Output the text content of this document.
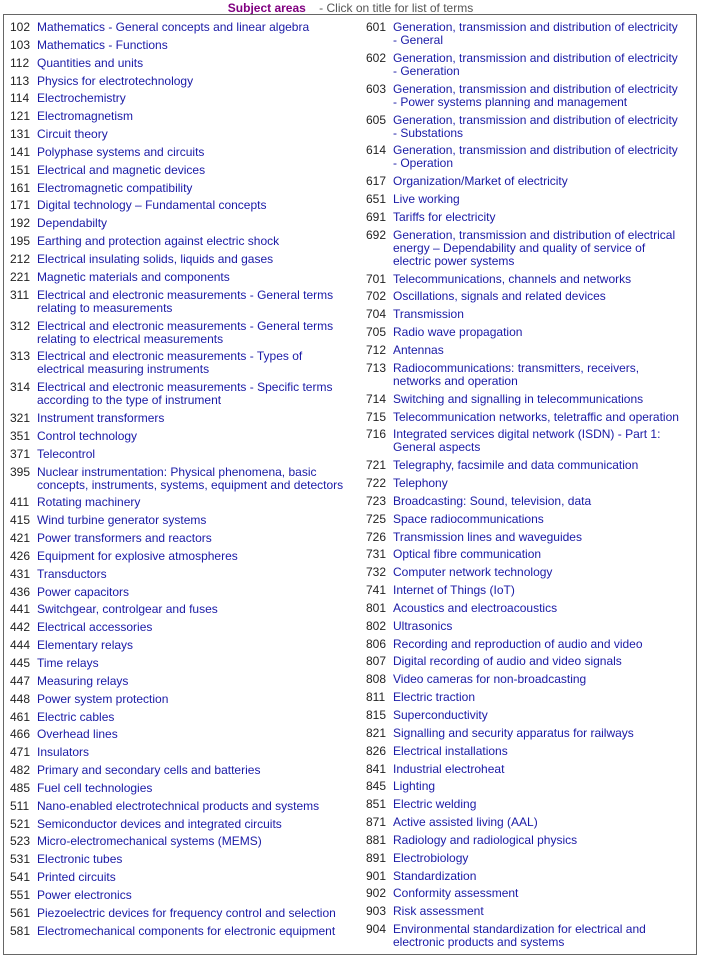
Subject areas - Click on title for list of terms
102 Mathematics - General concepts and linear algebra
103 Mathematics - Functions
112 Quantities and units
113 Physics for electrotechnology
114 Electrochemistry
121 Electromagnetism
131 Circuit theory
141 Polyphase systems and circuits
151 Electrical and magnetic devices
161 Electromagnetic compatibility
171 Digital technology – Fundamental concepts
192 Dependabilty
195 Earthing and protection against electric shock
212 Electrical insulating solids, liquids and gases
221 Magnetic materials and components
311 Electrical and electronic measurements - General terms relating to measurements
312 Electrical and electronic measurements - General terms relating to electrical measurements
313 Electrical and electronic measurements - Types of electrical measuring instruments
314 Electrical and electronic measurements - Specific terms according to the type of instrument
321 Instrument transformers
351 Control technology
371 Telecontrol
395 Nuclear instrumentation: Physical phenomena, basic concepts, instruments, systems, equipment and detectors
411 Rotating machinery
415 Wind turbine generator systems
421 Power transformers and reactors
426 Equipment for explosive atmospheres
431 Transductors
436 Power capacitors
441 Switchgear, controlgear and fuses
442 Electrical accessories
444 Elementary relays
445 Time relays
447 Measuring relays
448 Power system protection
461 Electric cables
466 Overhead lines
471 Insulators
482 Primary and secondary cells and batteries
485 Fuel cell technologies
511 Nano-enabled electrotechnical products and systems
521 Semiconductor devices and integrated circuits
523 Micro-electromechanical systems (MEMS)
531 Electronic tubes
541 Printed circuits
551 Power electronics
561 Piezoelectric devices for frequency control and selection
581 Electromechanical components for electronic equipment
601 Generation, transmission and distribution of electricity - General
602 Generation, transmission and distribution of electricity - Generation
603 Generation, transmission and distribution of electricity - Power systems planning and management
605 Generation, transmission and distribution of electricity - Substations
614 Generation, transmission and distribution of electricity - Operation
617 Organization/Market of electricity
651 Live working
691 Tariffs for electricity
692 Generation, transmission and distribution of electrical energy – Dependability and quality of service of electric power systems
701 Telecommunications, channels and networks
702 Oscillations, signals and related devices
704 Transmission
705 Radio wave propagation
712 Antennas
713 Radiocommunications: transmitters, receivers, networks and operation
714 Switching and signalling in telecommunications
715 Telecommunication networks, teletraffic and operation
716 Integrated services digital network (ISDN) - Part 1: General aspects
721 Telegraphy, facsimile and data communication
722 Telephony
723 Broadcasting: Sound, television, data
725 Space radiocommunications
726 Transmission lines and waveguides
731 Optical fibre communication
732 Computer network technology
741 Internet of Things (IoT)
801 Acoustics and electroacoustics
802 Ultrasonics
806 Recording and reproduction of audio and video
807 Digital recording of audio and video signals
808 Video cameras for non-broadcasting
811 Electric traction
815 Superconductivity
821 Signalling and security apparatus for railways
826 Electrical installations
841 Industrial electroheat
845 Lighting
851 Electric welding
871 Active assisted living (AAL)
881 Radiology and radiological physics
891 Electrobiology
901 Standardization
902 Conformity assessment
903 Risk assessment
904 Environmental standardization for electrical and electronic products and systems
